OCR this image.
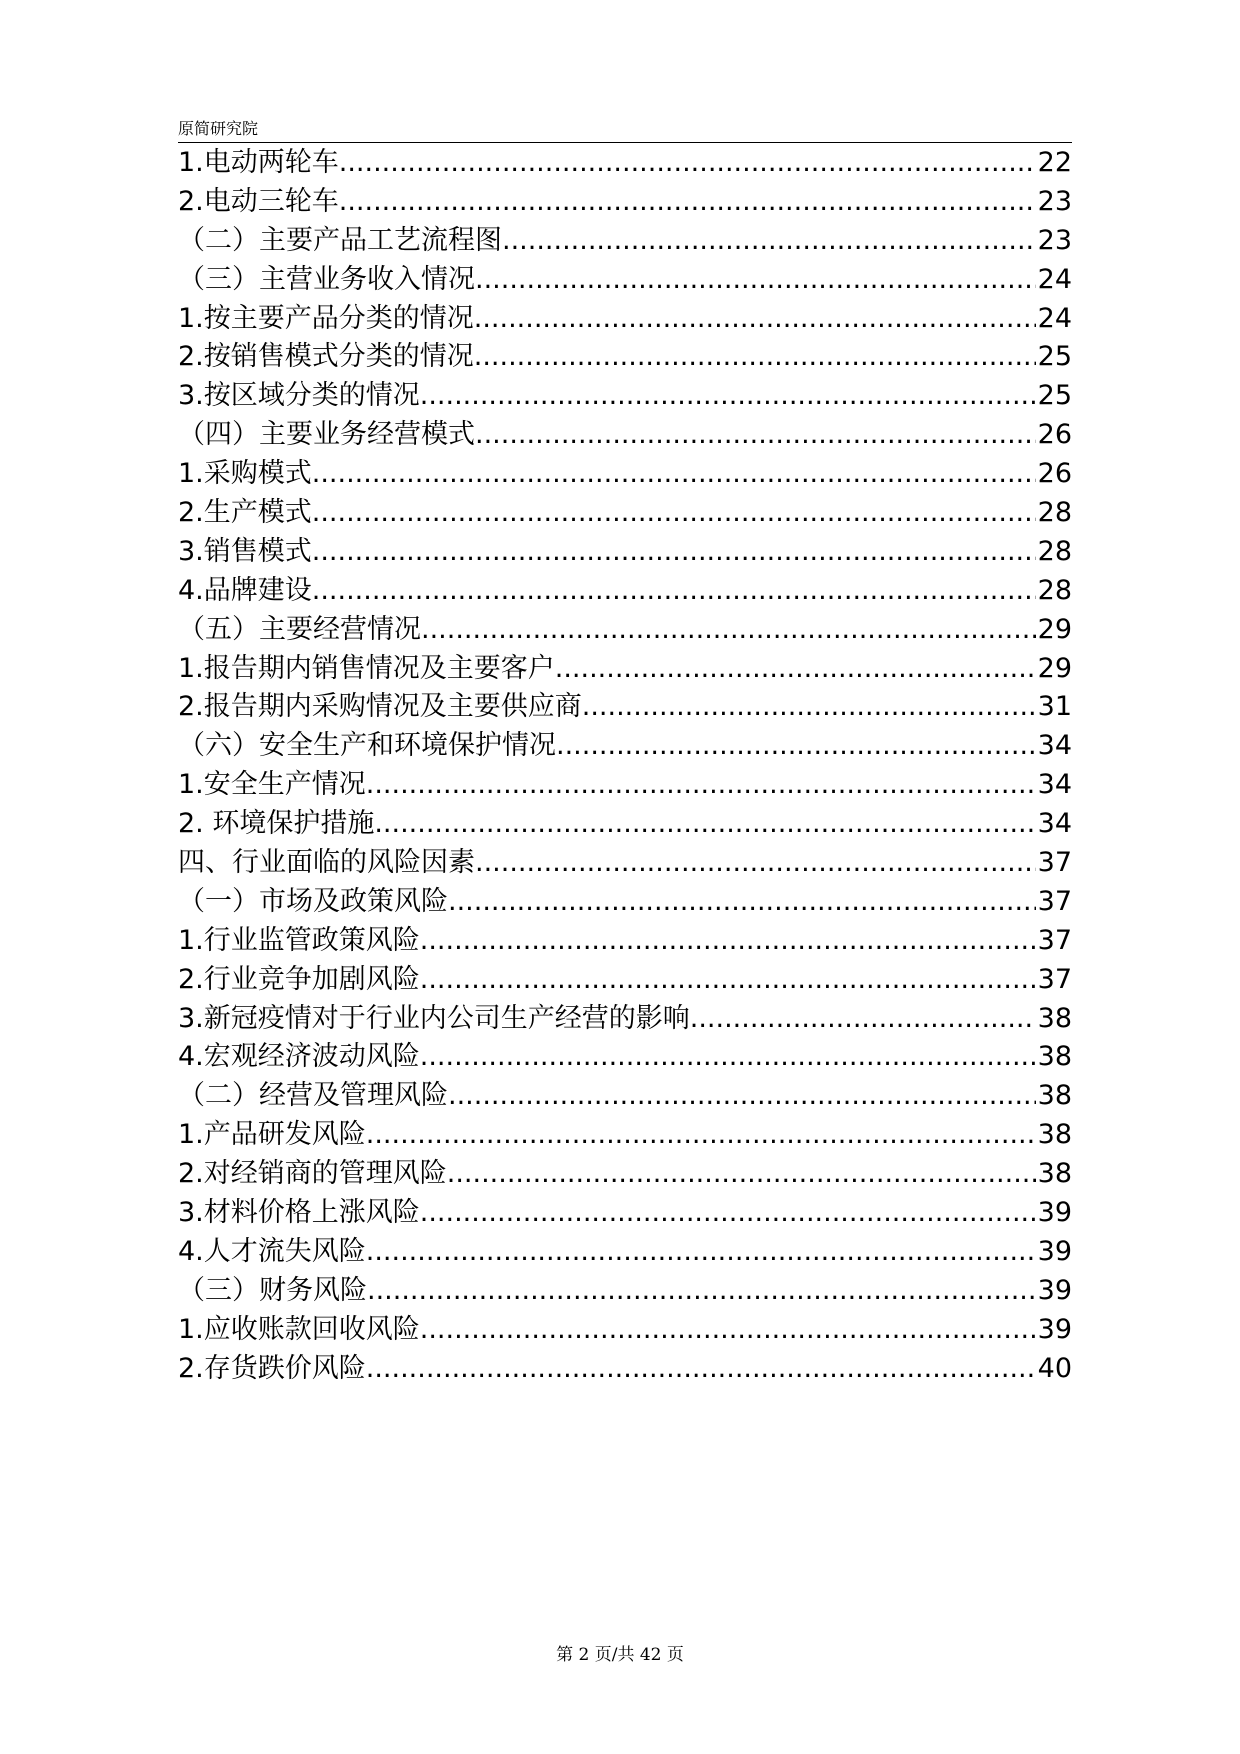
原简研究院
1.电动两轮车 .....	22
2.电动三轮车 .....	23
（二）主要产品工艺流程图 .....	23
（三）主营业务收入情况 .....	24
1.按主要产品分类的情况 .....	24
2.按销售模式分类的情况 .....	25
3.按区域分类的情况 .....	25
（四）主要业务经营模式 .....	26
1.采购模式 .....	26
2.生产模式 .....	28
3.销售模式 .....	28
4.品牌建设 .....	28
（五）主要经营情况 .....	29
1.报告期内销售情况及主要客户 .....	29
2.报告期内采购情况及主要供应商 .....	31
（六）安全生产和环境保护情况 .....	34
1.安全生产情况 .....	34
2. 环境保护措施 .....	34
四、行业面临的风险因素 .....	37
（一）市场及政策风险 .....	37
1.行业监管政策风险 .....	37
2.行业竞争加剧风险 .....	37
3.新冠疫情对于行业内公司生产经营的影响 .....	38
4.宏观经济波动风险 .....	38
（二）经营及管理风险 .....	38
1.产品研发风险 .....	38
2.对经销商的管理风险 .....	38
3.材料价格上涨风险 .....	39
4.人才流失风险 .....	39
（三）财务风险 .....	39
1.应收账款回收风险 .....	39
2.存货跌价风险 .....	40
第 2 页/共 42 页
